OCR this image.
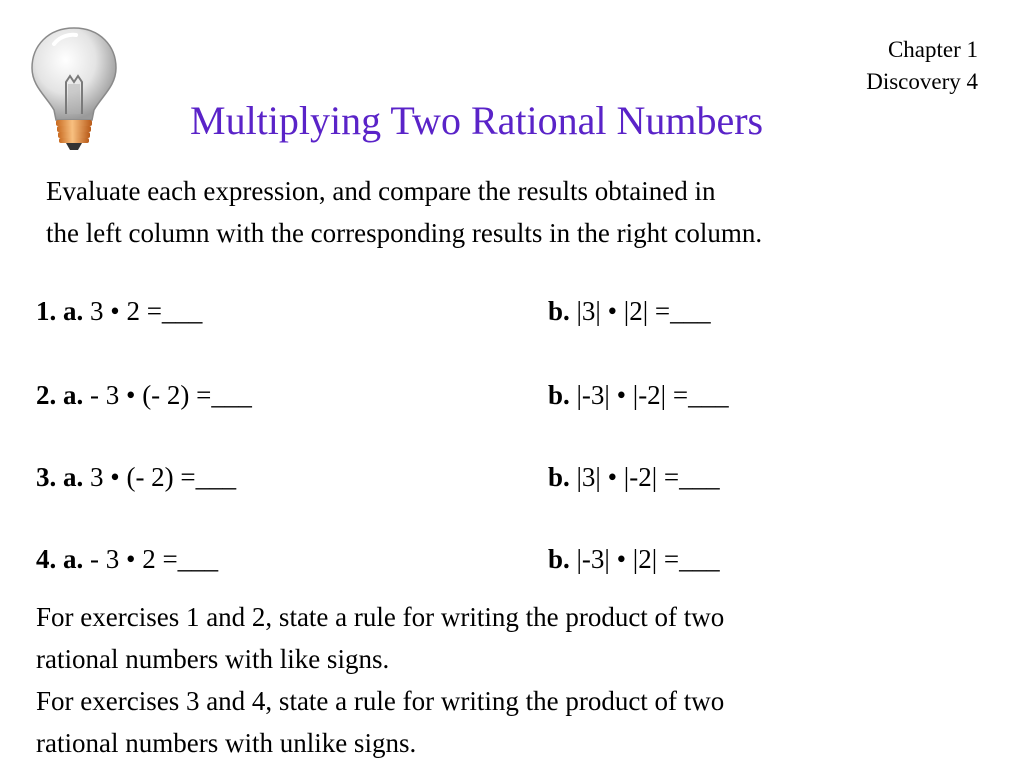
Chapter 1
Discovery 4
Multiplying Two Rational Numbers
Evaluate each expression, and compare the results obtained in
the left column with the corresponding results in the right column.
1. a. 3 • 2 =___	b. |3| • |2| =___
2. a. - 3 • (- 2) =___	b. |-3| • |-2| =___
3. a. 3 • (- 2) =___	b. |3| • |-2| =___
4. a. - 3 • 2 =___	b. |-3| • |2| =___
For exercises 1 and 2, state a rule for writing the product of two
rational numbers with like signs.
For exercises 3 and 4, state a rule for writing the product of two
rational numbers with unlike signs.
